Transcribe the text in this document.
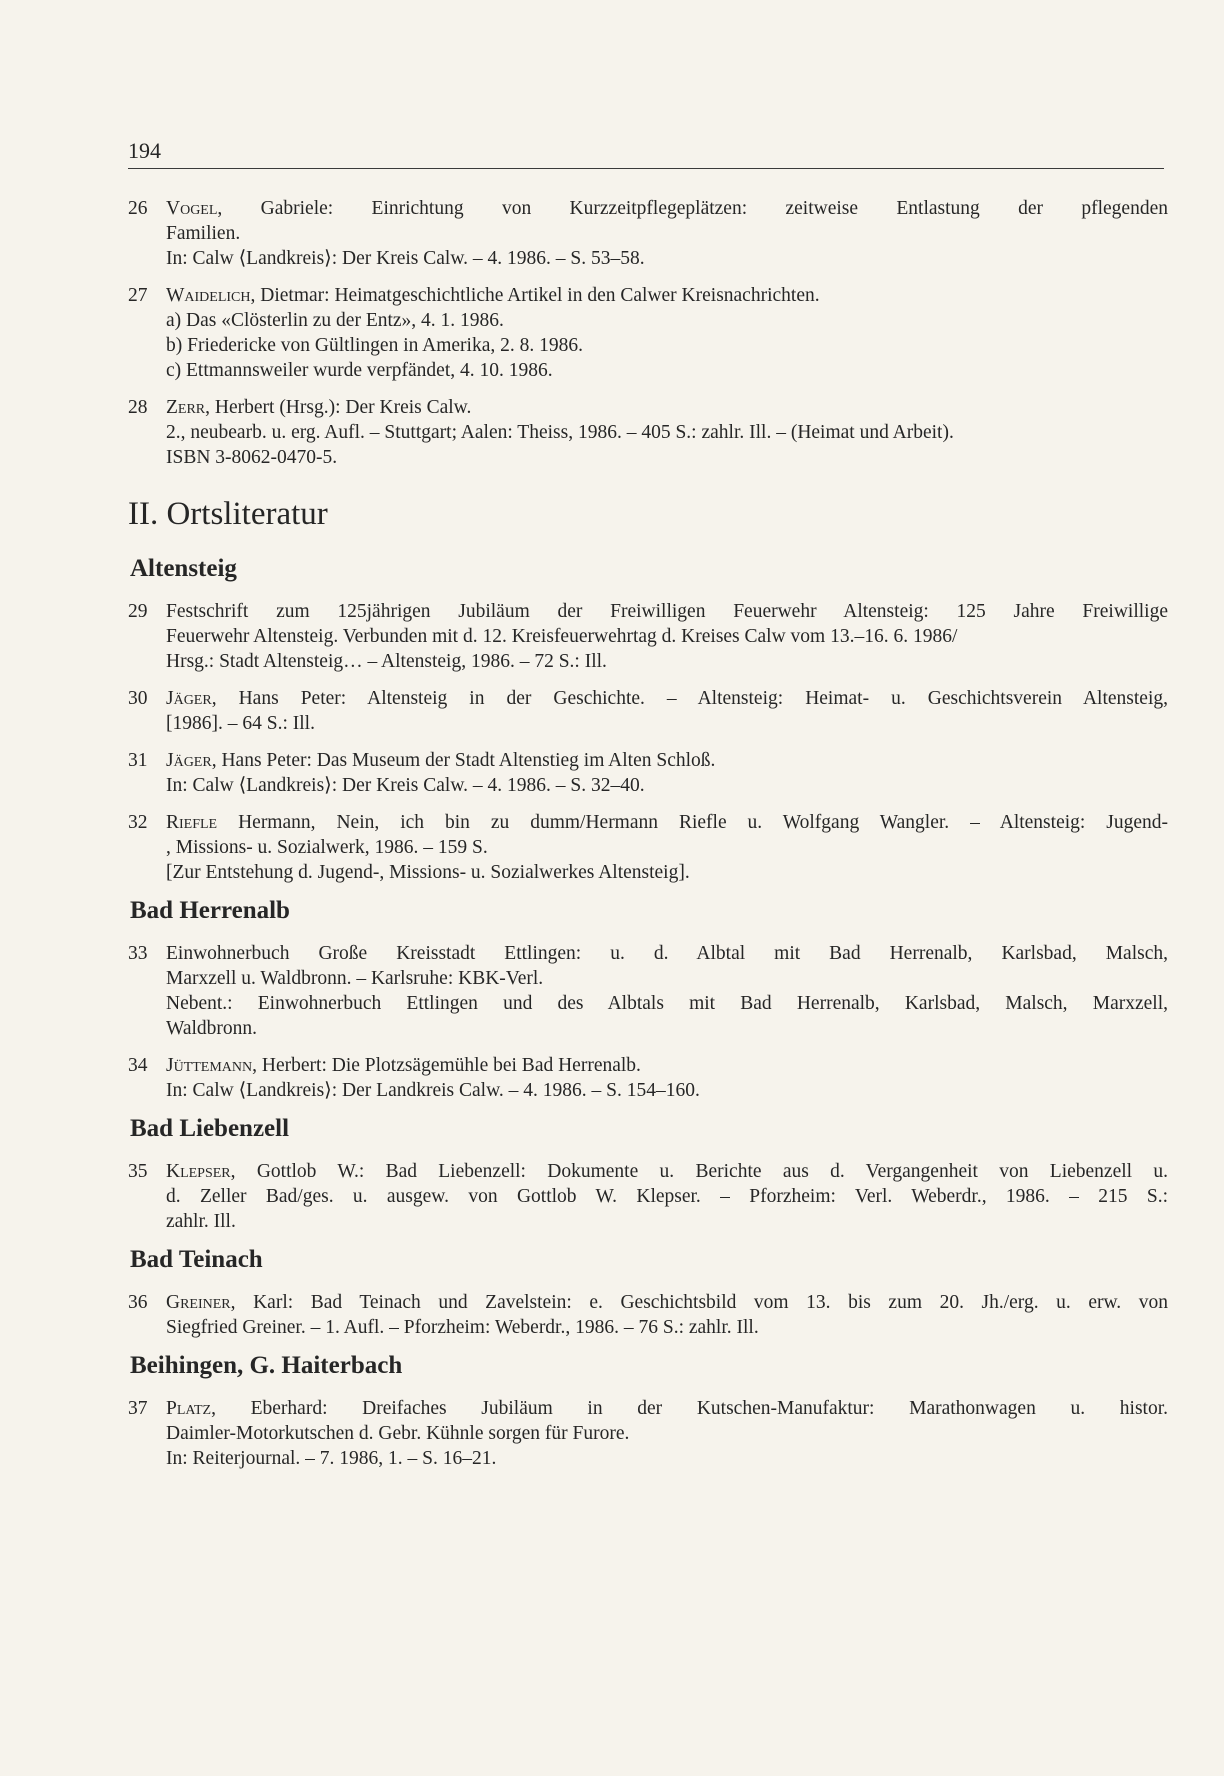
194
26 Vogel, Gabriele: Einrichtung von Kurzzeitpflegeplätzen: zeitweise Entlastung der pflegenden
Familien.
In: Calw ⟨Landkreis⟩: Der Kreis Calw. – 4. 1986. – S. 53–58.
27 Waidelich, Dietmar: Heimatgeschichtliche Artikel in den Calwer Kreisnachrichten.
a) Das «Clösterlin zu der Entz», 4. 1. 1986.
b) Friedericke von Gültlingen in Amerika, 2. 8. 1986.
c) Ettmannsweiler wurde verpfändet, 4. 10. 1986.
28 Zerr, Herbert (Hrsg.): Der Kreis Calw.
2., neubearb. u. erg. Aufl. – Stuttgart; Aalen: Theiss, 1986. – 405 S.: zahlr. Ill. – (Heimat und Arbeit).
ISBN 3-8062-0470-5.
II. Ortsliteratur
Altensteig
29 Festschrift zum 125jährigen Jubiläum der Freiwilligen Feuerwehr Altensteig: 125 Jahre Freiwillige
Feuerwehr Altensteig. Verbunden mit d. 12. Kreisfeuerwehrtag d. Kreises Calw vom 13.–16. 6. 1986/
Hrsg.: Stadt Altensteig… – Altensteig, 1986. – 72 S.: Ill.
30 Jäger, Hans Peter: Altensteig in der Geschichte. – Altensteig: Heimat- u. Geschichtsverein Altensteig,
[1986]. – 64 S.: Ill.
31 Jäger, Hans Peter: Das Museum der Stadt Altenstieg im Alten Schloß.
In: Calw ⟨Landkreis⟩: Der Kreis Calw. – 4. 1986. – S. 32–40.
32 Riefle Hermann, Nein, ich bin zu dumm/Hermann Riefle u. Wolfgang Wangler. – Altensteig: Jugend-
, Missions- u. Sozialwerk, 1986. – 159 S.
[Zur Entstehung d. Jugend-, Missions- u. Sozialwerkes Altensteig].
Bad Herrenalb
33 Einwohnerbuch Große Kreisstadt Ettlingen: u. d. Albtal mit Bad Herrenalb, Karlsbad, Malsch,
Marxzell u. Waldbronn. – Karlsruhe: KBK-Verl.
Nebent.: Einwohnerbuch Ettlingen und des Albtals mit Bad Herrenalb, Karlsbad, Malsch, Marxzell,
Waldbronn.
34 Jüttemann, Herbert: Die Plotzsägemühle bei Bad Herrenalb.
In: Calw ⟨Landkreis⟩: Der Landkreis Calw. – 4. 1986. – S. 154–160.
Bad Liebenzell
35 Klepser, Gottlob W.: Bad Liebenzell: Dokumente u. Berichte aus d. Vergangenheit von Liebenzell u.
d. Zeller Bad/ges. u. ausgew. von Gottlob W. Klepser. – Pforzheim: Verl. Weberdr., 1986. – 215 S.:
zahlr. Ill.
Bad Teinach
36 Greiner, Karl: Bad Teinach und Zavelstein: e. Geschichtsbild vom 13. bis zum 20. Jh./erg. u. erw. von
Siegfried Greiner. – 1. Aufl. – Pforzheim: Weberdr., 1986. – 76 S.: zahlr. Ill.
Beihingen, G. Haiterbach
37 Platz, Eberhard: Dreifaches Jubiläum in der Kutschen-Manufaktur: Marathonwagen u. histor.
Daimler-Motorkutschen d. Gebr. Kühnle sorgen für Furore.
In: Reiterjournal. – 7. 1986, 1. – S. 16–21.
